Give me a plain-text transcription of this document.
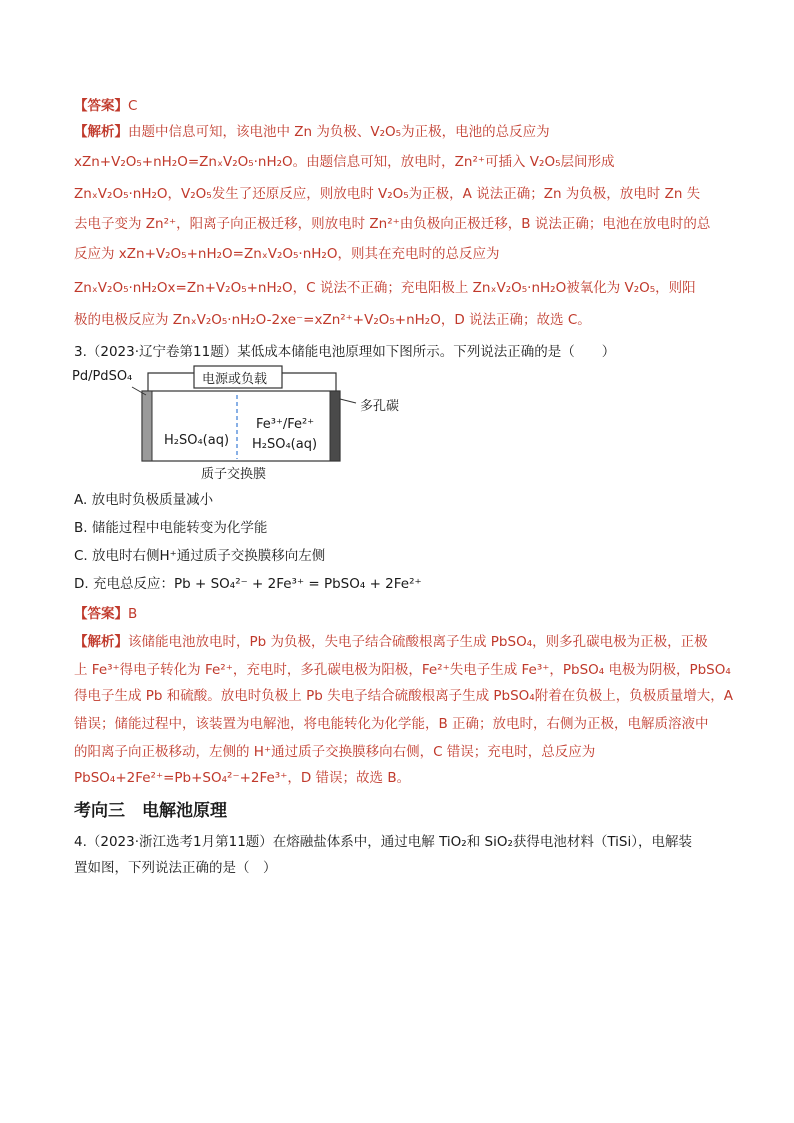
【答案】C
【解析】由题中信息可知，该电池中 Zn 为负极、V₂O₅为正极，电池的总反应为
xZn+V₂O₅+nH₂O=ZnₓV₂O₅·nH₂O。由题信息可知，放电时，Zn²⁺可插入 V₂O₅层间形成
ZnₓV₂O₅·nH₂O，V₂O₅发生了还原反应，则放电时 V₂O₅为正极，A 说法正确；Zn 为负极，放电时 Zn 失
去电子变为 Zn²⁺，阳离子向正极迁移，则放电时 Zn²⁺由负极向正极迁移，B 说法正确；电池在放电时的总
反应为 xZn+V₂O₅+nH₂O=ZnₓV₂O₅·nH₂O，则其在充电时的总反应为
ZnₓV₂O₅·nH₂Ox=Zn+V₂O₅+nH₂O，C 说法不正确；充电阳极上 ZnₓV₂O₅·nH₂O被氧化为 V₂O₅，则阳
极的电极反应为 ZnₓV₂O₅·nH₂O-2xe⁻=xZn²⁺+V₂O₅+nH₂O，D 说法正确；故选 C。
3.（2023·辽宁卷第11题）某低成本储能电池原理如下图所示。下列说法正确的是（　　）
电源或负载
Pd/PdSO₄
多孔碳
H₂SO₄(aq)
Fe³⁺/Fe²⁺
H₂SO₄(aq)
质子交换膜
A. 放电时负极质量减小
B. 储能过程中电能转变为化学能
C. 放电时右侧H⁺通过质子交换膜移向左侧
D. 充电总反应：Pb + SO₄²⁻ + 2Fe³⁺ = PbSO₄ + 2Fe²⁺
【答案】B
【解析】该储能电池放电时，Pb 为负极，失电子结合硫酸根离子生成 PbSO₄，则多孔碳电极为正极，正极
上 Fe³⁺得电子转化为 Fe²⁺，充电时，多孔碳电极为阳极，Fe²⁺失电子生成 Fe³⁺，PbSO₄ 电极为阴极，PbSO₄
得电子生成 Pb 和硫酸。放电时负极上 Pb 失电子结合硫酸根离子生成 PbSO₄附着在负极上，负极质量增大，A
错误；储能过程中，该装置为电解池，将电能转化为化学能，B 正确；放电时，右侧为正极，电解质溶液中
的阳离子向正极移动，左侧的 H⁺通过质子交换膜移向右侧，C 错误；充电时，总反应为
PbSO₄+2Fe²⁺=Pb+SO₄²⁻+2Fe³⁺，D 错误；故选 B。
考向三　电解池原理
4.（2023·浙江选考1月第11题）在熔融盐体系中，通过电解 TiO₂和 SiO₂获得电池材料（TiSi），电解装
置如图，下列说法正确的是（　）
